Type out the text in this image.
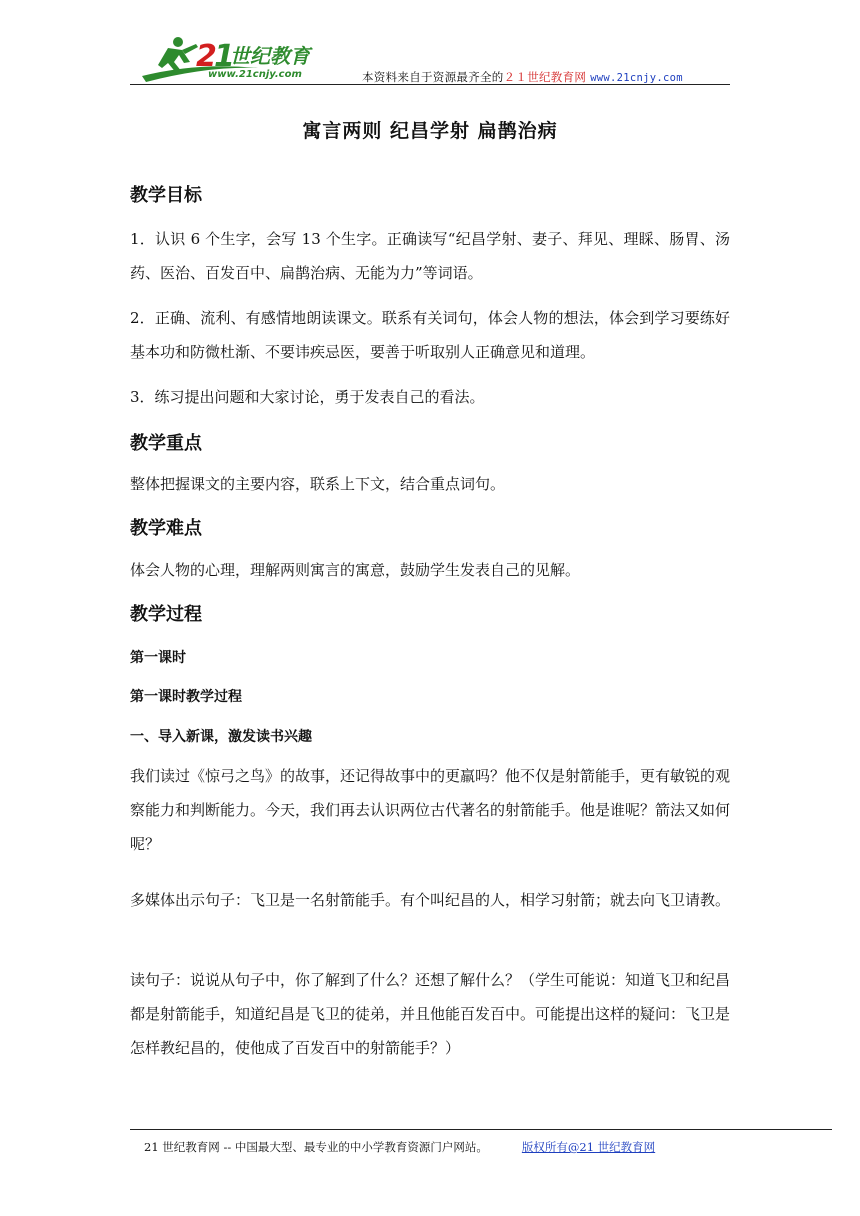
2
1
世纪教育
www.21cnjy.com	本资料来自于资源最齐全的２１世纪教育网 www.21cnjy.com
寓言两则 纪昌学射 扁鹊治病
教学目标
1．认识 6 个生字，会写 13 个生字。正确读写“纪昌学射、妻子、拜见、理睬、肠胃、汤药、医治、百发百中、扁鹊治病、无能为力”等词语。
2．正确、流利、有感情地朗读课文。联系有关词句，体会人物的想法，体会到学习要练好基本功和防微杜渐、不要讳疾忌医，要善于听取别人正确意见和道理。
3．练习提出问题和大家讨论，勇于发表自己的看法。
教学重点
整体把握课文的主要内容，联系上下文，结合重点词句。
教学难点
体会人物的心理，理解两则寓言的寓意，鼓励学生发表自己的见解。
教学过程
第一课时
第一课时教学过程
一、导入新课，激发读书兴趣
我们读过《惊弓之鸟》的故事，还记得故事中的更羸吗？他不仅是射箭能手，更有敏锐的观察能力和判断能力。今天，我们再去认识两位古代著名的射箭能手。他是谁呢？箭法又如何呢？
多媒体出示句子：飞卫是一名射箭能手。有个叫纪昌的人，相学习射箭；就去向飞卫请教。
读句子：说说从句子中，你了解到了什么？还想了解什么？（学生可能说：知道飞卫和纪昌都是射箭能手，知道纪昌是飞卫的徒弟，并且他能百发百中。可能提出这样的疑问：飞卫是怎样教纪昌的，使他成了百发百中的射箭能手？）
21 世纪教育网 -- 中国最大型、最专业的中小学教育资源门户网站。	版权所有@21 世纪教育网
